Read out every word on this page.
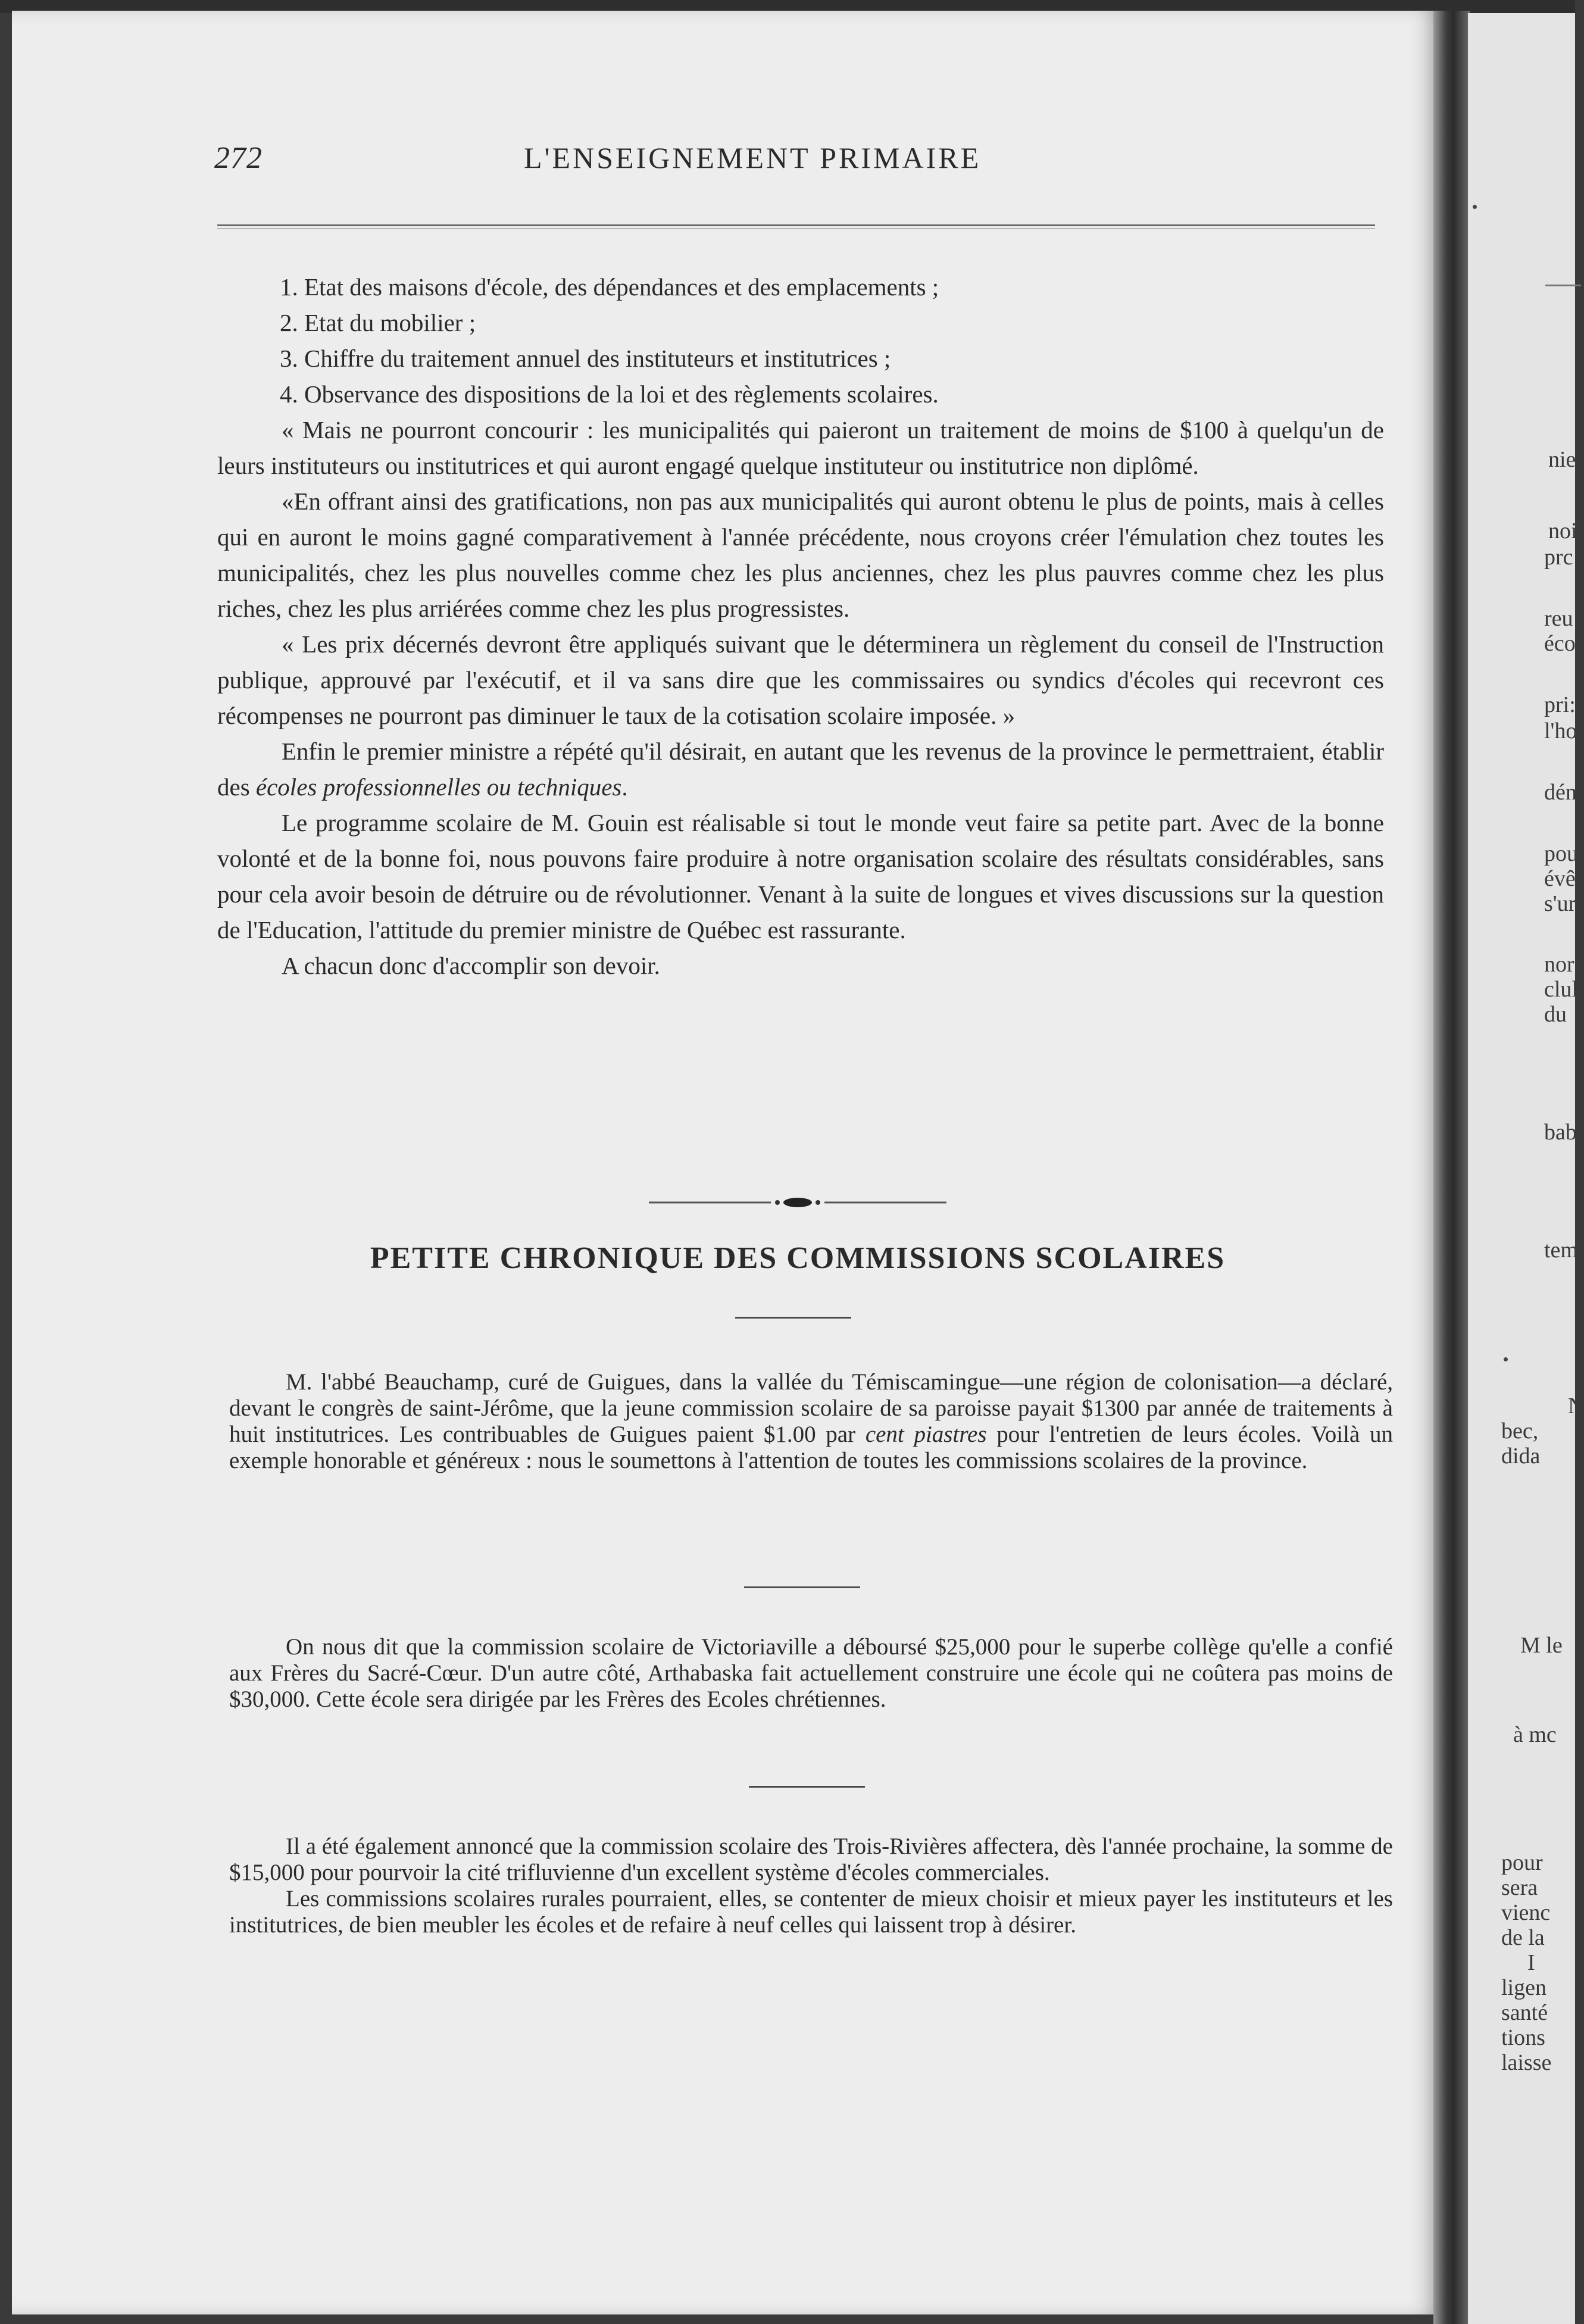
nie
noi
prc
reu
éco
pri:
l'ho
dén
pou
évê
s'ur
nor
clul
du
babl
tem
N
bec,
dida
M le
à mc
pour
sera
vienc
de la
I
ligen
santé
tions
laisse
272	L'ENSEIGNEMENT PRIMAIRE

1. Etat des maisons d'école, des dépendances et des emplacements ;

2. Etat du mobilier ;

3. Chiffre du traitement annuel des instituteurs et institutrices ;

4. Observance des dispositions de la loi et des règlements scolaires.

« Mais ne pourront concourir : les municipalités qui paieront un traitement de moins de $100 à quelqu'un de leurs instituteurs ou institutrices et qui auront engagé quelque instituteur ou institutrice non diplômé.

«En offrant ainsi des gratifications, non pas aux municipalités qui auront obtenu le plus de points, mais à celles qui en auront le moins gagné comparativement à l'année précédente, nous croyons créer l'émulation chez toutes les municipalités, chez les plus nouvelles comme chez les plus anciennes, chez les plus pauvres comme chez les plus riches, chez les plus arriérées comme chez les plus progressistes.

« Les prix décernés devront être appliqués suivant que le déterminera un règlement du conseil de l'Instruction publique, approuvé par l'exécutif, et il va sans dire que les commissaires ou syndics d'écoles qui recevront ces récompenses ne pourront pas diminuer le taux de la cotisation scolaire imposée. »

Enfin le premier ministre a répété qu'il désirait, en autant que les revenus de la province le permettraient, établir des écoles professionnelles ou techniques.

Le programme scolaire de M. Gouin est réalisable si tout le monde veut faire sa petite part. Avec de la bonne volonté et de la bonne foi, nous pouvons faire produire à notre organisation scolaire des résultats considérables, sans pour cela avoir besoin de détruire ou de révolutionner. Venant à la suite de longues et vives discussions sur la question de l'Education, l'attitude du premier ministre de Québec est rassurante.

A chacun donc d'accomplir son devoir.

PETITE CHRONIQUE DES COMMISSIONS SCOLAIRES

M. l'abbé Beauchamp, curé de Guigues, dans la vallée du Témiscamingue—une région de colonisation—a déclaré, devant le congrès de saint-Jérôme, que la jeune commission scolaire de sa paroisse payait $1300 par année de traitements à huit institutrices. Les contribuables de Guigues paient $1.00 par cent piastres pour l'entretien de leurs écoles. Voilà un exemple honorable et généreux : nous le soumettons à l'attention de toutes les commissions scolaires de la province.

On nous dit que la commission scolaire de Victoriaville a déboursé $25,000 pour le superbe collège qu'elle a confié aux Frères du Sacré-Cœur. D'un autre côté, Arthabaska fait actuellement construire une école qui ne coûtera pas moins de $30,000. Cette école sera dirigée par les Frères des Ecoles chrétiennes.

Il a été également annoncé que la commission scolaire des Trois-Rivières affectera, dès l'année prochaine, la somme de $15,000 pour pourvoir la cité trifluvienne d'un excellent système d'écoles commerciales.

Les commissions scolaires rurales pourraient, elles, se contenter de mieux choisir et mieux payer les instituteurs et les institutrices, de bien meubler les écoles et de refaire à neuf celles qui laissent trop à désirer.
